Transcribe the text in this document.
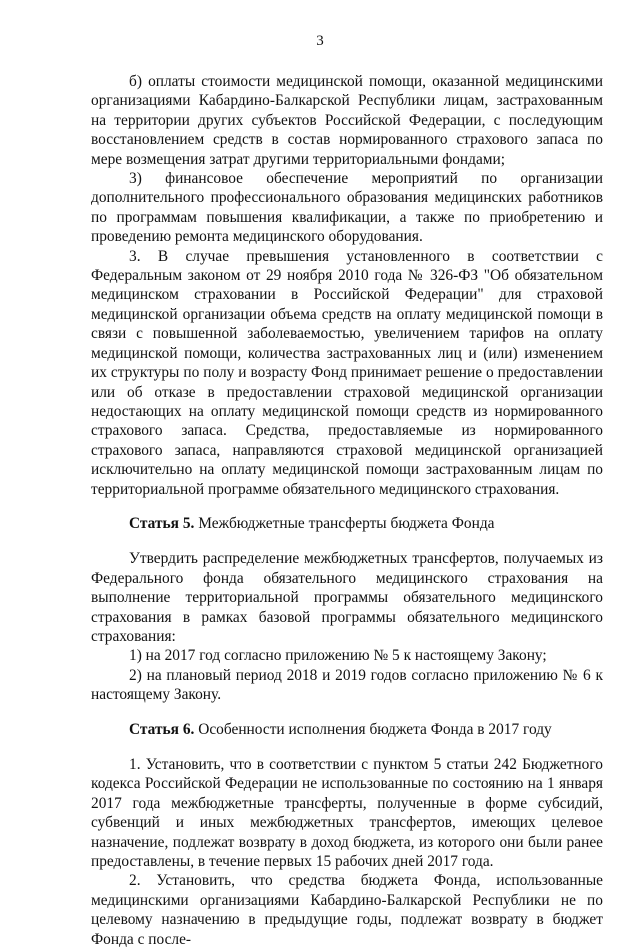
3

б) оплаты стоимости медицинской помощи, оказанной медицинскими организациями Кабардино-Балкарской Республики лицам, застрахованным на территории других субъектов Российской Федерации, с последующим восстановлением средств в состав нормированного страхового запаса по мере возмещения затрат другими территориальными фондами;

3) финансовое обеспечение мероприятий по организации дополнительного профессионального образования медицинских работников по программам повышения квалификации, а также по приобретению и проведению ремонта медицинского оборудования.

3. В случае превышения установленного в соответствии с Федеральным законом от 29 ноября 2010 года № 326-ФЗ "Об обязательном медицинском страховании в Российской Федерации" для страховой медицинской организации объема средств на оплату медицинской помощи в связи с повышенной заболеваемостью, увеличением тарифов на оплату медицинской помощи, количества застрахованных лиц и (или) изменением их структуры по полу и возрасту Фонд принимает решение о предоставлении или об отказе в предоставлении страховой медицинской организации недостающих на оплату медицинской помощи средств из нормированного страхового запаса. Средства, предоставляемые из нормированного страхового запаса, направляются страховой медицинской организацией исключительно на оплату медицинской помощи застрахованным лицам по территориальной программе обязательного медицинского страхования.

Статья 5. Межбюджетные трансферты бюджета Фонда

Утвердить распределение межбюджетных трансфертов, получаемых из Федерального фонда обязательного медицинского страхования на выполнение территориальной программы обязательного медицинского страхования в рамках базовой программы обязательного медицинского страхования:

1) на 2017 год согласно приложению № 5 к настоящему Закону;

2) на плановый период 2018 и 2019 годов согласно приложению № 6 к настоящему Закону.

Статья 6. Особенности исполнения бюджета Фонда в 2017 году

1. Установить, что в соответствии с пунктом 5 статьи 242 Бюджетного кодекса Российской Федерации не использованные по состоянию на 1 января 2017 года межбюджетные трансферты, полученные в форме субсидий, субвенций и иных межбюджетных трансфертов, имеющих целевое назначение, подлежат возврату в доход бюджета, из которого они были ранее предоставлены, в течение первых 15 рабочих дней 2017 года.

2. Установить, что средства бюджета Фонда, использованные медицинскими организациями Кабардино-Балкарской Республики не по целевому назначению в предыдущие годы, подлежат возврату в бюджет Фонда с после-
